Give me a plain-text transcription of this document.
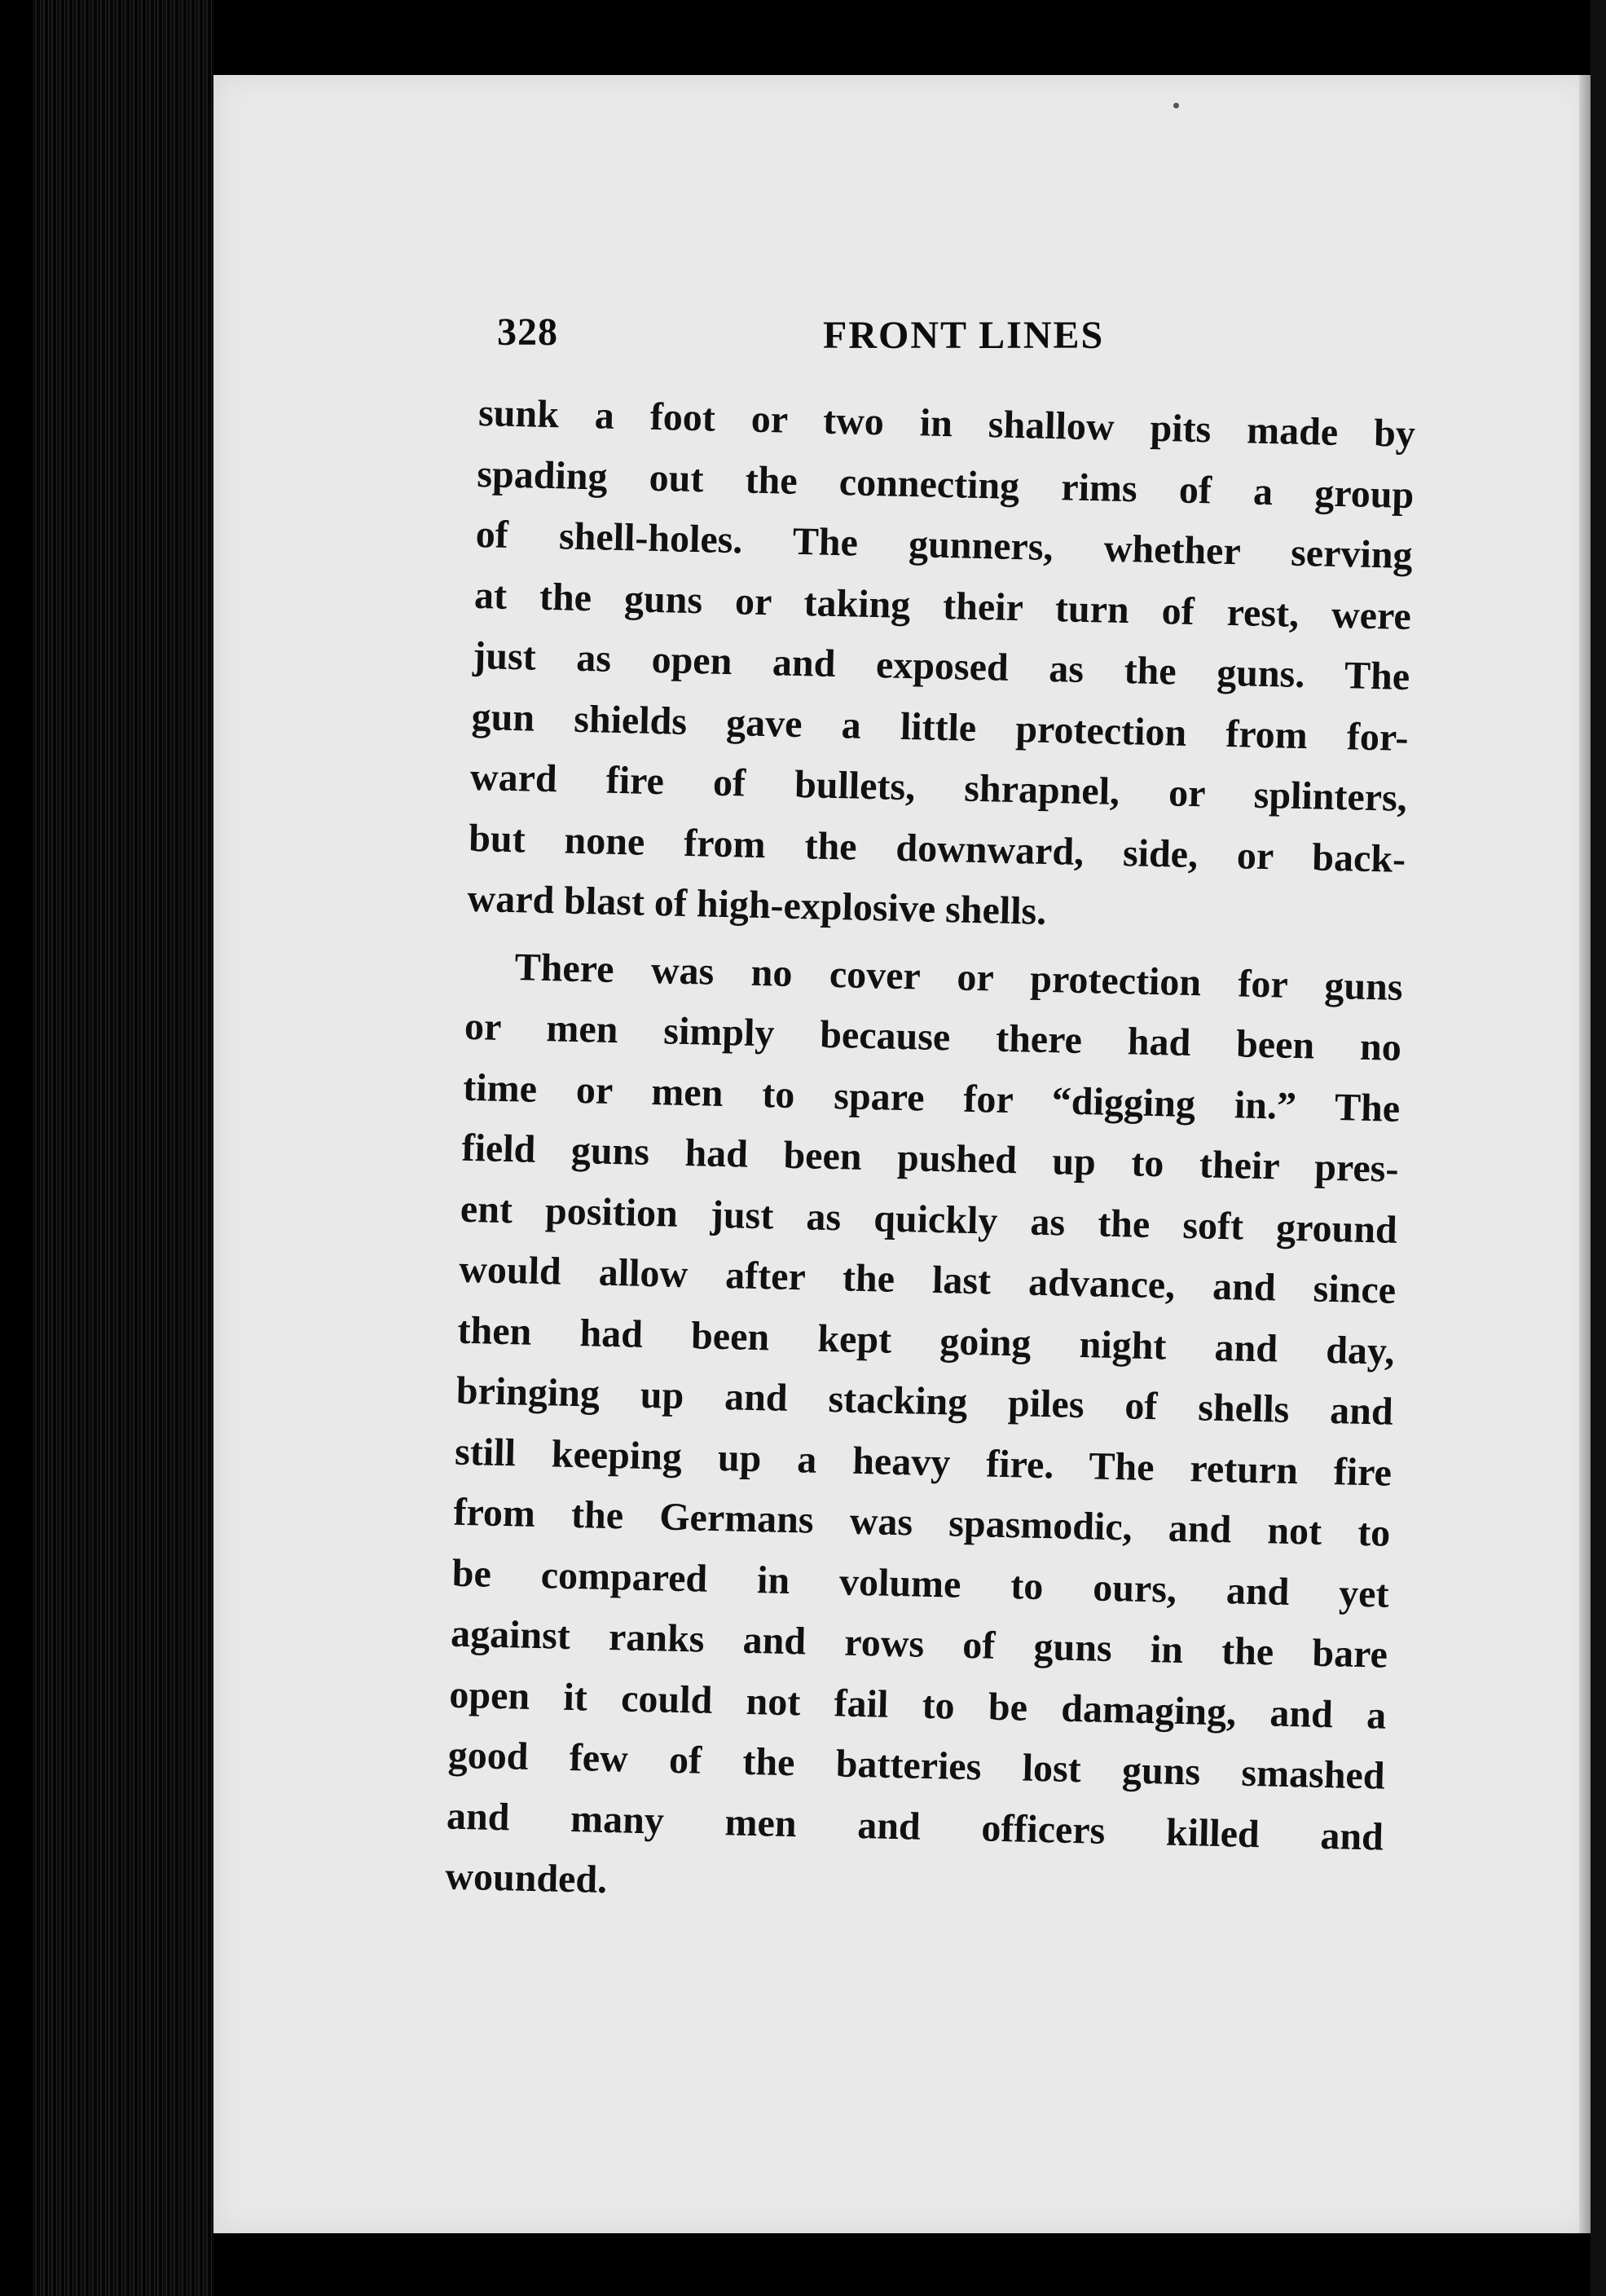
328	FRONT LINES
sunk a foot or two in shallow pits made by
spading out the connecting rims of a group
of shell-holes. The gunners, whether serving
at the guns or taking their turn of rest, were
just as open and exposed as the guns. The
gun shields gave a little protection from for-
ward fire of bullets, shrapnel, or splinters,
but none from the downward, side, or back-
ward blast of high-explosive shells.
There was no cover or protection for guns
or men simply because there had been no
time or men to spare for “digging in.” The
field guns had been pushed up to their pres-
ent position just as quickly as the soft ground
would allow after the last advance, and since
then had been kept going night and day,
bringing up and stacking piles of shells and
still keeping up a heavy fire. The return fire
from the Germans was spasmodic, and not to
be compared in volume to ours, and yet
against ranks and rows of guns in the bare
open it could not fail to be damaging, and a
good few of the batteries lost guns smashed
and many men and officers killed and
wounded.
